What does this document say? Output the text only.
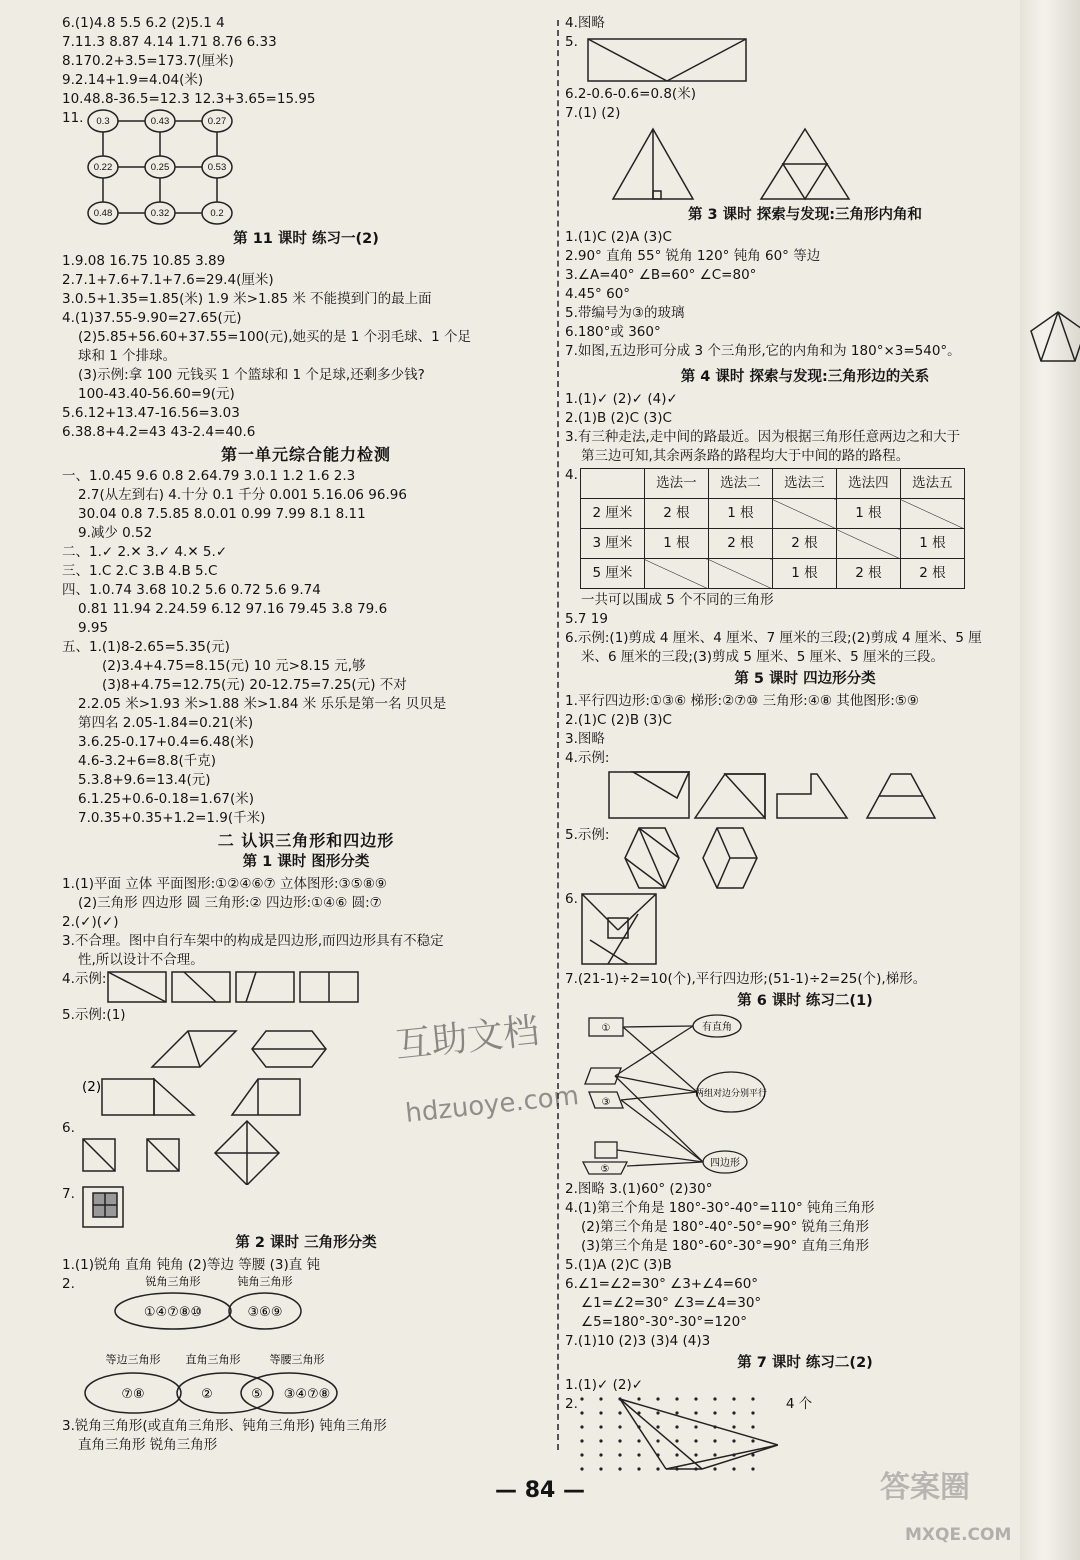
6.(1)4.8 5.5 6.2 (2)5.1 4

7.11.3 8.87 4.14 1.71 8.76 6.33

8.170.2+3.5=173.7(厘米)

9.2.14+1.9=4.04(米)

10.48.8-36.5=12.3 12.3+3.65=15.95

11. 0.3	0.43	0.27
0.22	0.25	0.53
0.48	0.32	0.2
第 11 课时 练习一(2)

1.9.08 16.75 10.85 3.89

2.7.1+7.6+7.1+7.6=29.4(厘米)

3.0.5+1.35=1.85(米) 1.9 米>1.85 米 不能摸到门的最上面

4.(1)37.55-9.90=27.65(元)

(2)5.85+56.60+37.55=100(元),她买的是 1 个羽毛球、1 个足

球和 1 个排球。

(3)示例:拿 100 元钱买 1 个篮球和 1 个足球,还剩多少钱?

100-43.40-56.60=9(元)

5.6.12+13.47-16.56=3.03

6.38.8+4.2=43 43-2.4=40.6

第一单元综合能力检测

一、1.0.45 9.6 0.8 2.64.79 3.0.1 1.2 1.6 2.3

2.7(从左到右) 4.十分 0.1 千分 0.001 5.16.06 96.96

30.04 0.8 7.5.85 8.0.01 0.99 7.99 8.1 8.11

9.减少 0.52

二、1.✓ 2.✕ 3.✓ 4.✕ 5.✓

三、1.C 2.C 3.B 4.B 5.C

四、1.0.74 3.68 10.2 5.6 0.72 5.6 9.74

0.81 11.94 2.24.59 6.12 97.16 79.45 3.8 79.6

9.95

五、1.(1)8-2.65=5.35(元)

(2)3.4+4.75=8.15(元) 10 元>8.15 元,够

(3)8+4.75=12.75(元) 20-12.75=7.25(元) 不对

2.2.05 米>1.93 米>1.88 米>1.84 米 乐乐是第一名 贝贝是

第四名 2.05-1.84=0.21(米)

3.6.25-0.17+0.4=6.48(米)

4.6-3.2+6=8.8(千克)

5.3.8+9.6=13.4(元)

6.1.25+0.6-0.18=1.67(米)

7.0.35+0.35+1.2=1.9(千米)

二 认识三角形和四边形
第 1 课时 图形分类

1.(1)平面 立体 平面图形:①②④⑥⑦ 立体图形:③⑤⑧⑨

(2)三角形 四边形 圆 三角形:② 四边形:①④⑥ 圆:⑦

2.(✓)(✓)

3.不合理。图中自行车架中的构成是四边形,而四边形具有不稳定

性,所以设计不合理。

4.示例:

5.示例:(1)

(2)
6.
7.
第 2 课时 三角形分类

1.(1)锐角 直角 钝角 (2)等边 等腰 (3)直 钝

2.	锐角三角形	钝角三角形
①④⑦⑧⑩	③⑥⑨
等边三角形 直角三角形	等腰三角形
⑦⑧	②	⑤ ③④⑦⑧

3.锐角三角形(或直角三角形、钝角三角形) 钝角三角形

直角三角形 锐角三角形

4.图略

5.

6.2-0.6-0.6=0.8(米)

7.(1) (2)

第 3 课时 探索与发现:三角形内角和

1.(1)C (2)A (3)C

2.90° 直角 55° 锐角 120° 钝角 60° 等边

3.∠A=40° ∠B=60° ∠C=80°

4.45° 60°

5.带编号为③的玻璃

6.180°或 360°

7.如图,五边形可分成 3 个三角形,它的内角和为 180°×3=540°。

第 4 课时 探索与发现:三角形边的关系

1.(1)✓ (2)✓ (4)✓

2.(1)B (2)C (3)C

3.有三种走法,走中间的路最近。因为根据三角形任意两边之和大于

第三边可知,其余两条路的路程均大于中间的路的路程。

4.
		选法一	选法二	选法三	选法四	选法五
2 厘米	2 根	1 根		1 根	
3 厘米	1 根	2 根	2 根		1 根
5 厘米			1 根	2 根	2 根

一共可以围成 5 个不同的三角形

5.7 19

6.示例:(1)剪成 4 厘米、4 厘米、7 厘米的三段;(2)剪成 4 厘米、5 厘

米、6 厘米的三段;(3)剪成 5 厘米、5 厘米、5 厘米的三段。

第 5 课时 四边形分类

1.平行四边形:①③⑥ 梯形:②⑦⑩ 三角形:④⑧ 其他图形:⑤⑨

2.(1)C (2)B (3)C

3.图略

4.示例:

5.示例:
6.

7.(21-1)÷2=10(个),平行四边形;(51-1)÷2=25(个),梯形。

第 6 课时 练习二(1)
①
③
⑤
有直角
两组对边分别平行
四边形

2.图略 3.(1)60° (2)30°

4.(1)第三个角是 180°-30°-40°=110° 钝角三角形

(2)第三个角是 180°-40°-50°=90° 锐角三角形

(3)第三个角是 180°-60°-30°=90° 直角三角形

5.(1)A (2)C (3)B

6.∠1=∠2=30° ∠3+∠4=60°

∠1=∠2=30° ∠3=∠4=30°

∠5=180°-30°-30°=120°

7.(1)10 (2)3 (3)4 (4)3

第 7 课时 练习二(2)

1.(1)✓ (2)✓

2.	4 个
互助文档
hdzuoye.com
— 84 —	答案圈
MXQE.COM
